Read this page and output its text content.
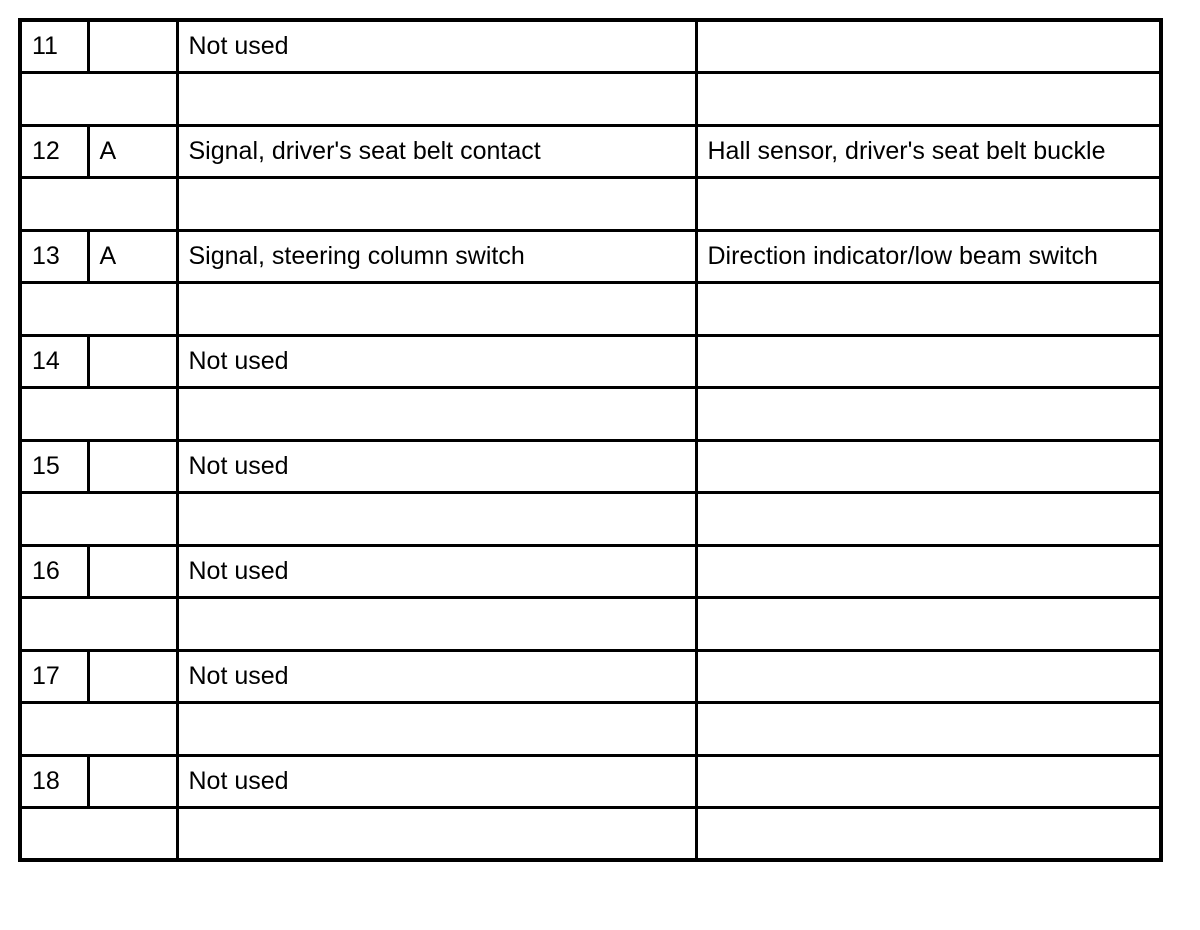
11		Not used	

12	A	Signal, driver's seat belt contact	Hall sensor, driver's seat belt buckle

13	A	Signal, steering column switch	Direction indicator/low beam switch

14		Not used	

15		Not used	

16		Not used	

17		Not used	

18		Not used	
